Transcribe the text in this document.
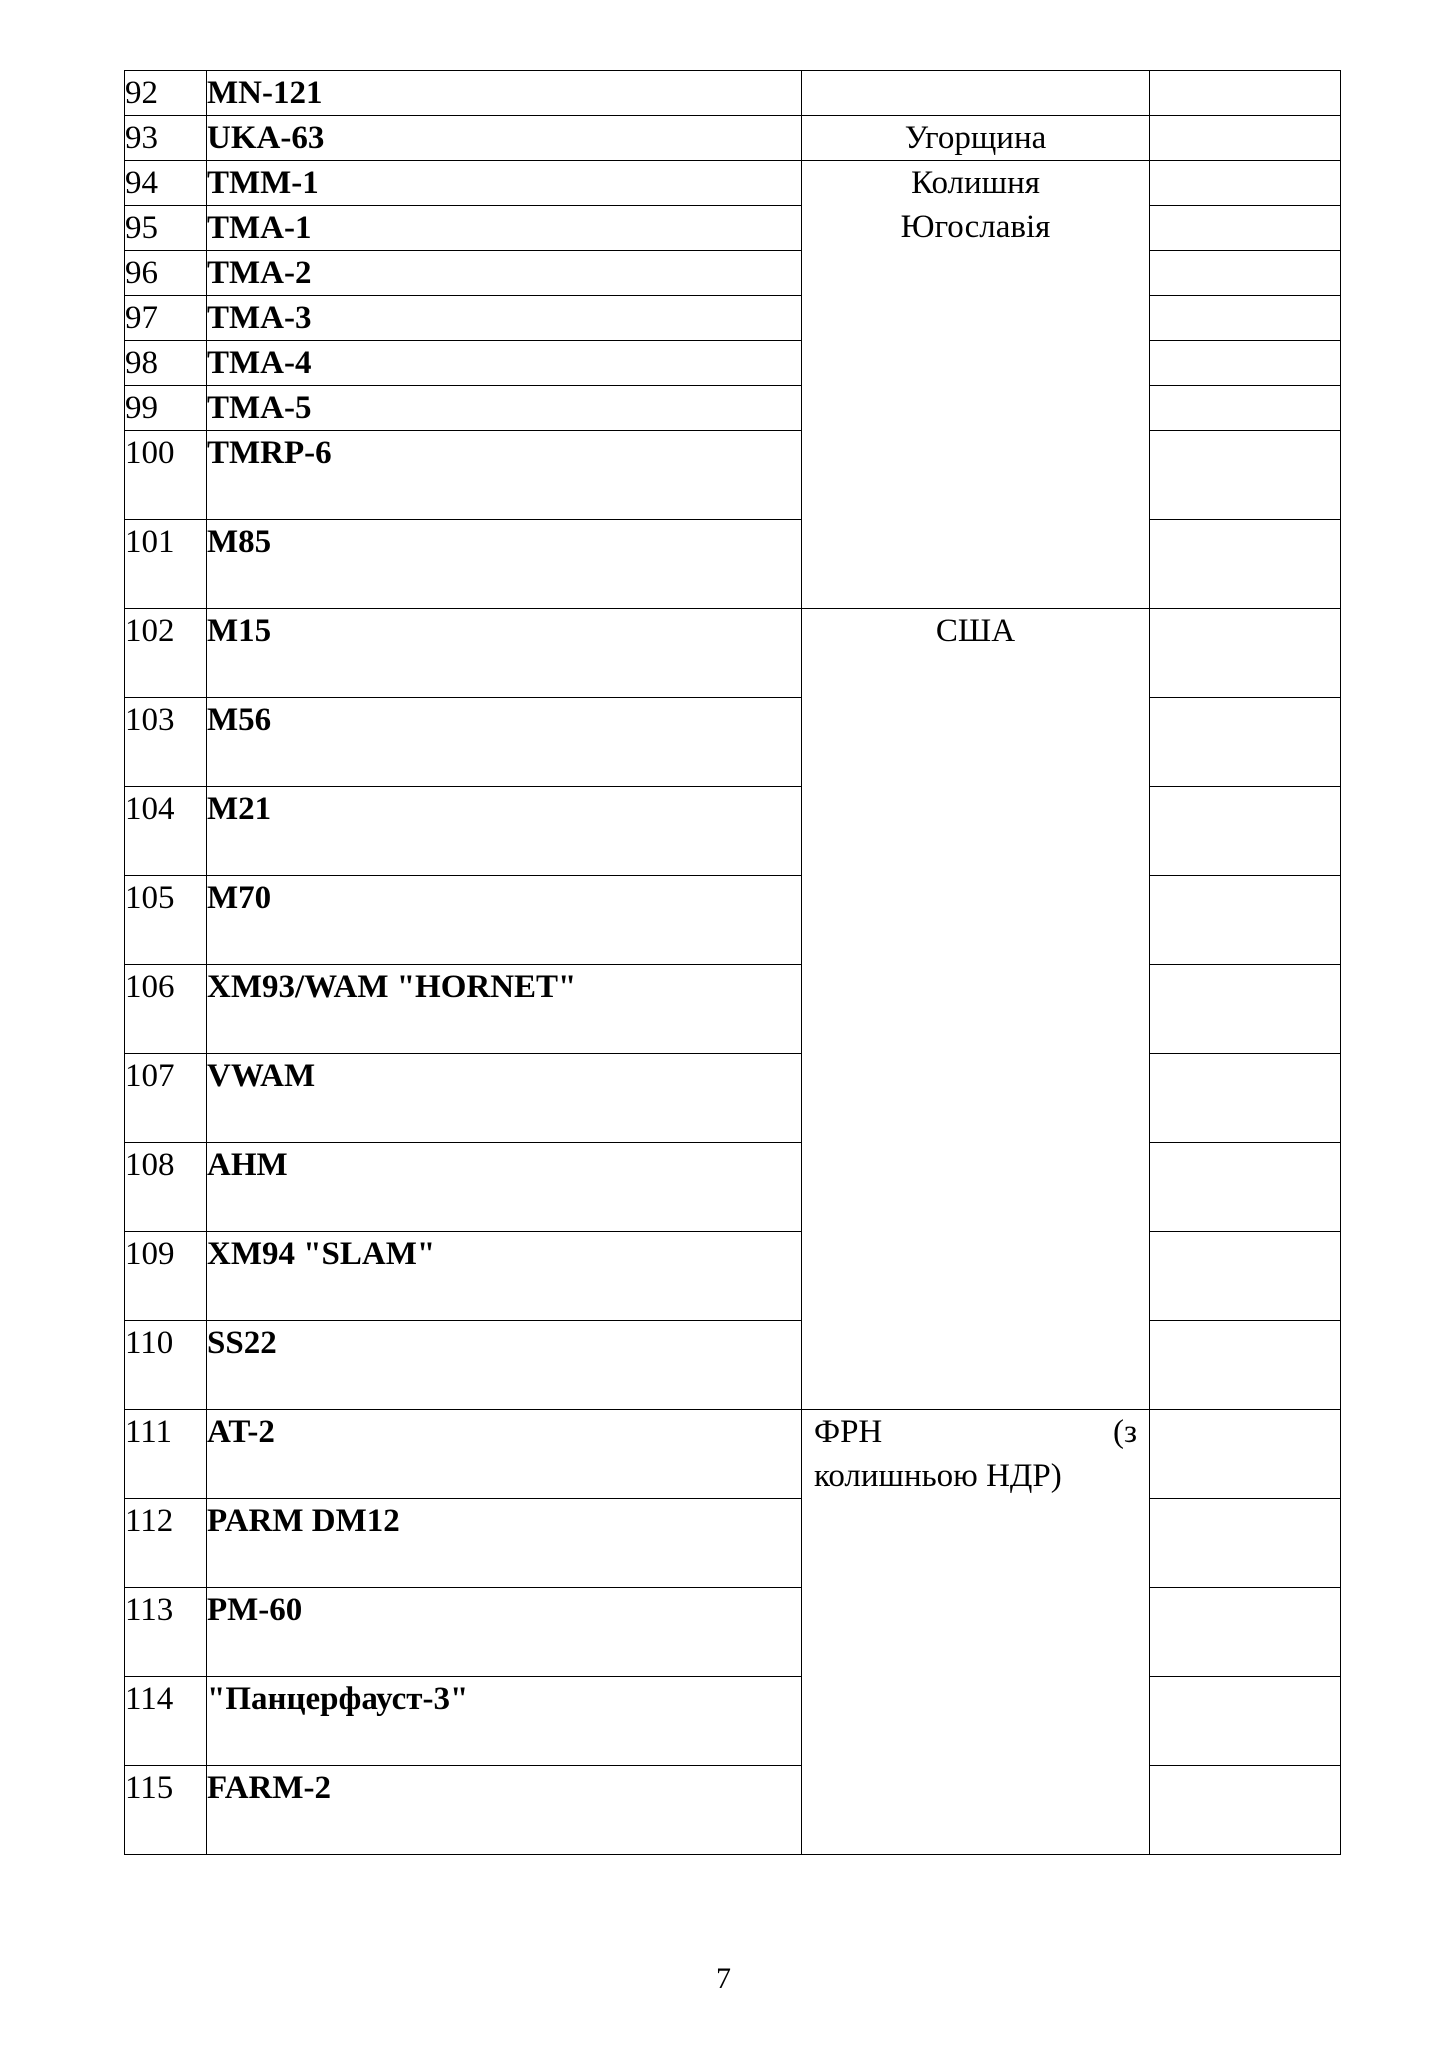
92	MN-121		
93	UKA-63	Угорщина	
94	TMM-1	Колишня
Югославія	

95	TMA-1		
96	TMA-2		
97	TMA-3		
98	TMA-4		
99	TMA-5		
100	TMRP-6		
101	M85		
102	M15	США	
103	M56		
104	M21		
105	M70		
106	XM93/WAM "HORNET"		
107	VWAM		
108	AHM		
109	XM94 "SLAM"		
110	SS22		
111	AT-2	ФРН (з
колишньою НДР)	

112	PARM DM12		
113	PM-60		
114	"Панцерфауст-3"		
115	FARM-2		
7
